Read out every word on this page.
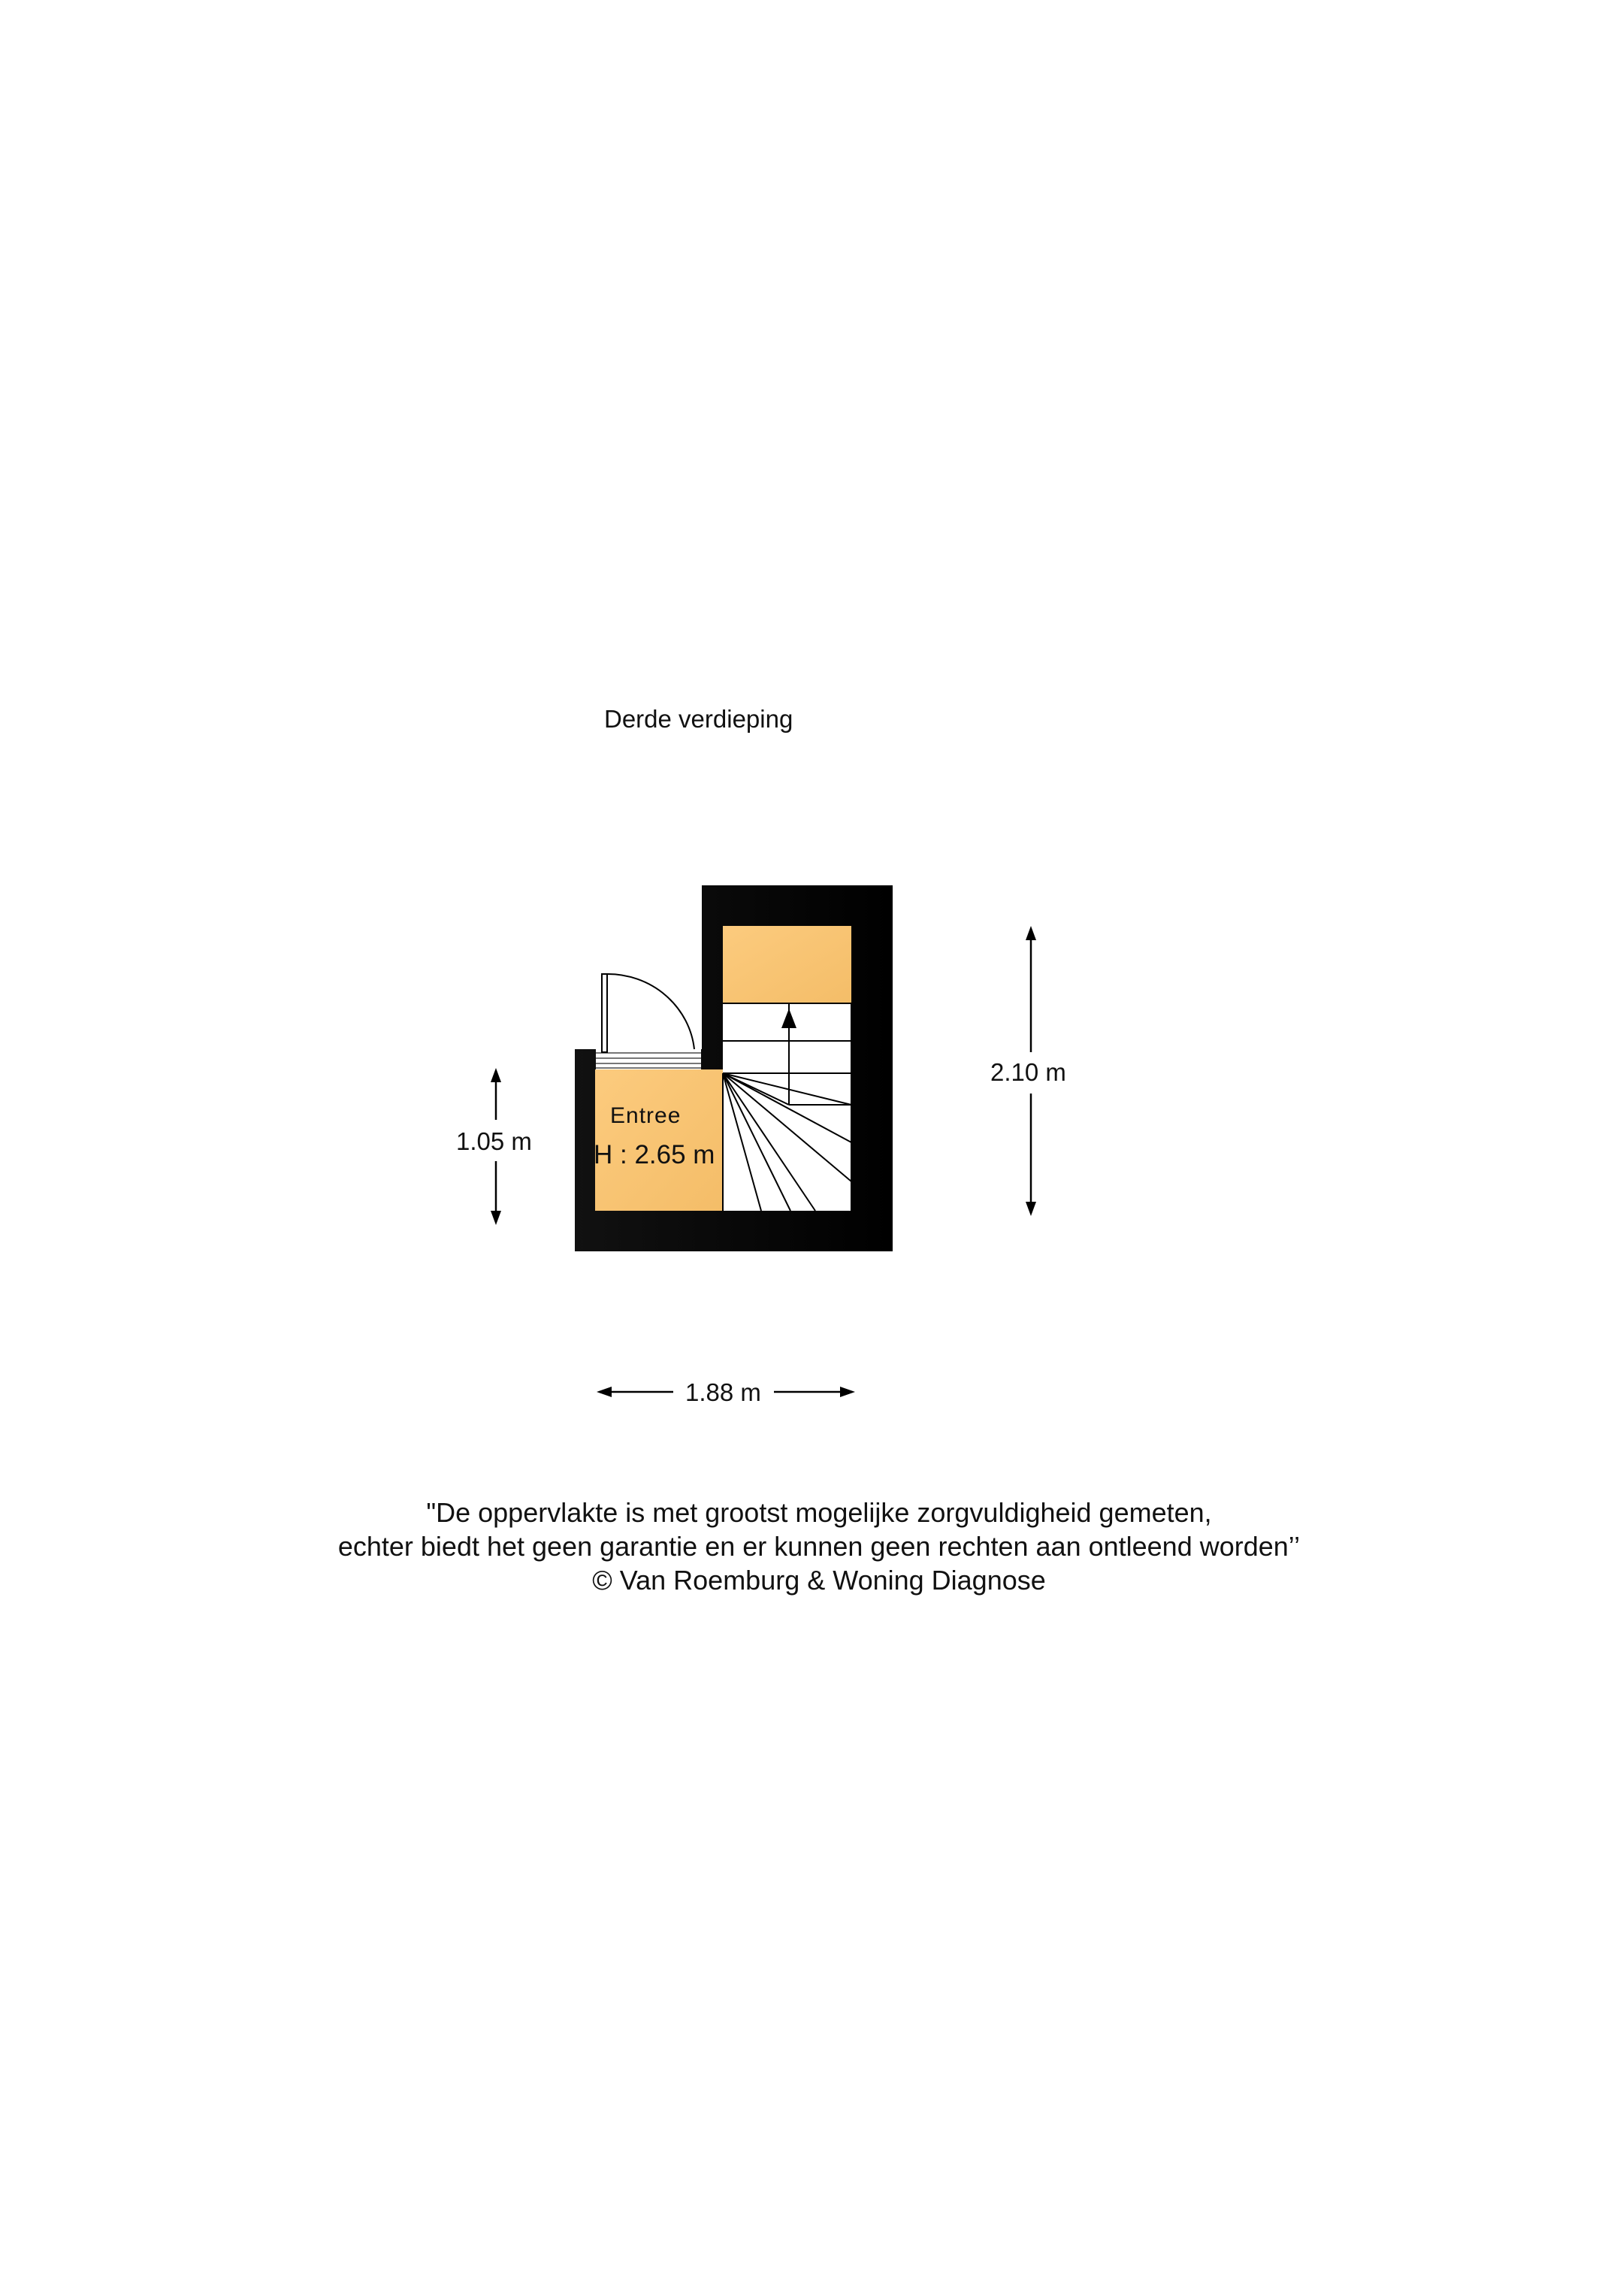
Derde verdieping
Entree
H : 2.65 m
1.05 m
2.10 m
1.88 m
"De oppervlakte is met grootst mogelijke zorgvuldigheid gemeten,
echter biedt het geen garantie en er kunnen geen rechten aan ontleend worden’’
© Van Roemburg & Woning Diagnose
